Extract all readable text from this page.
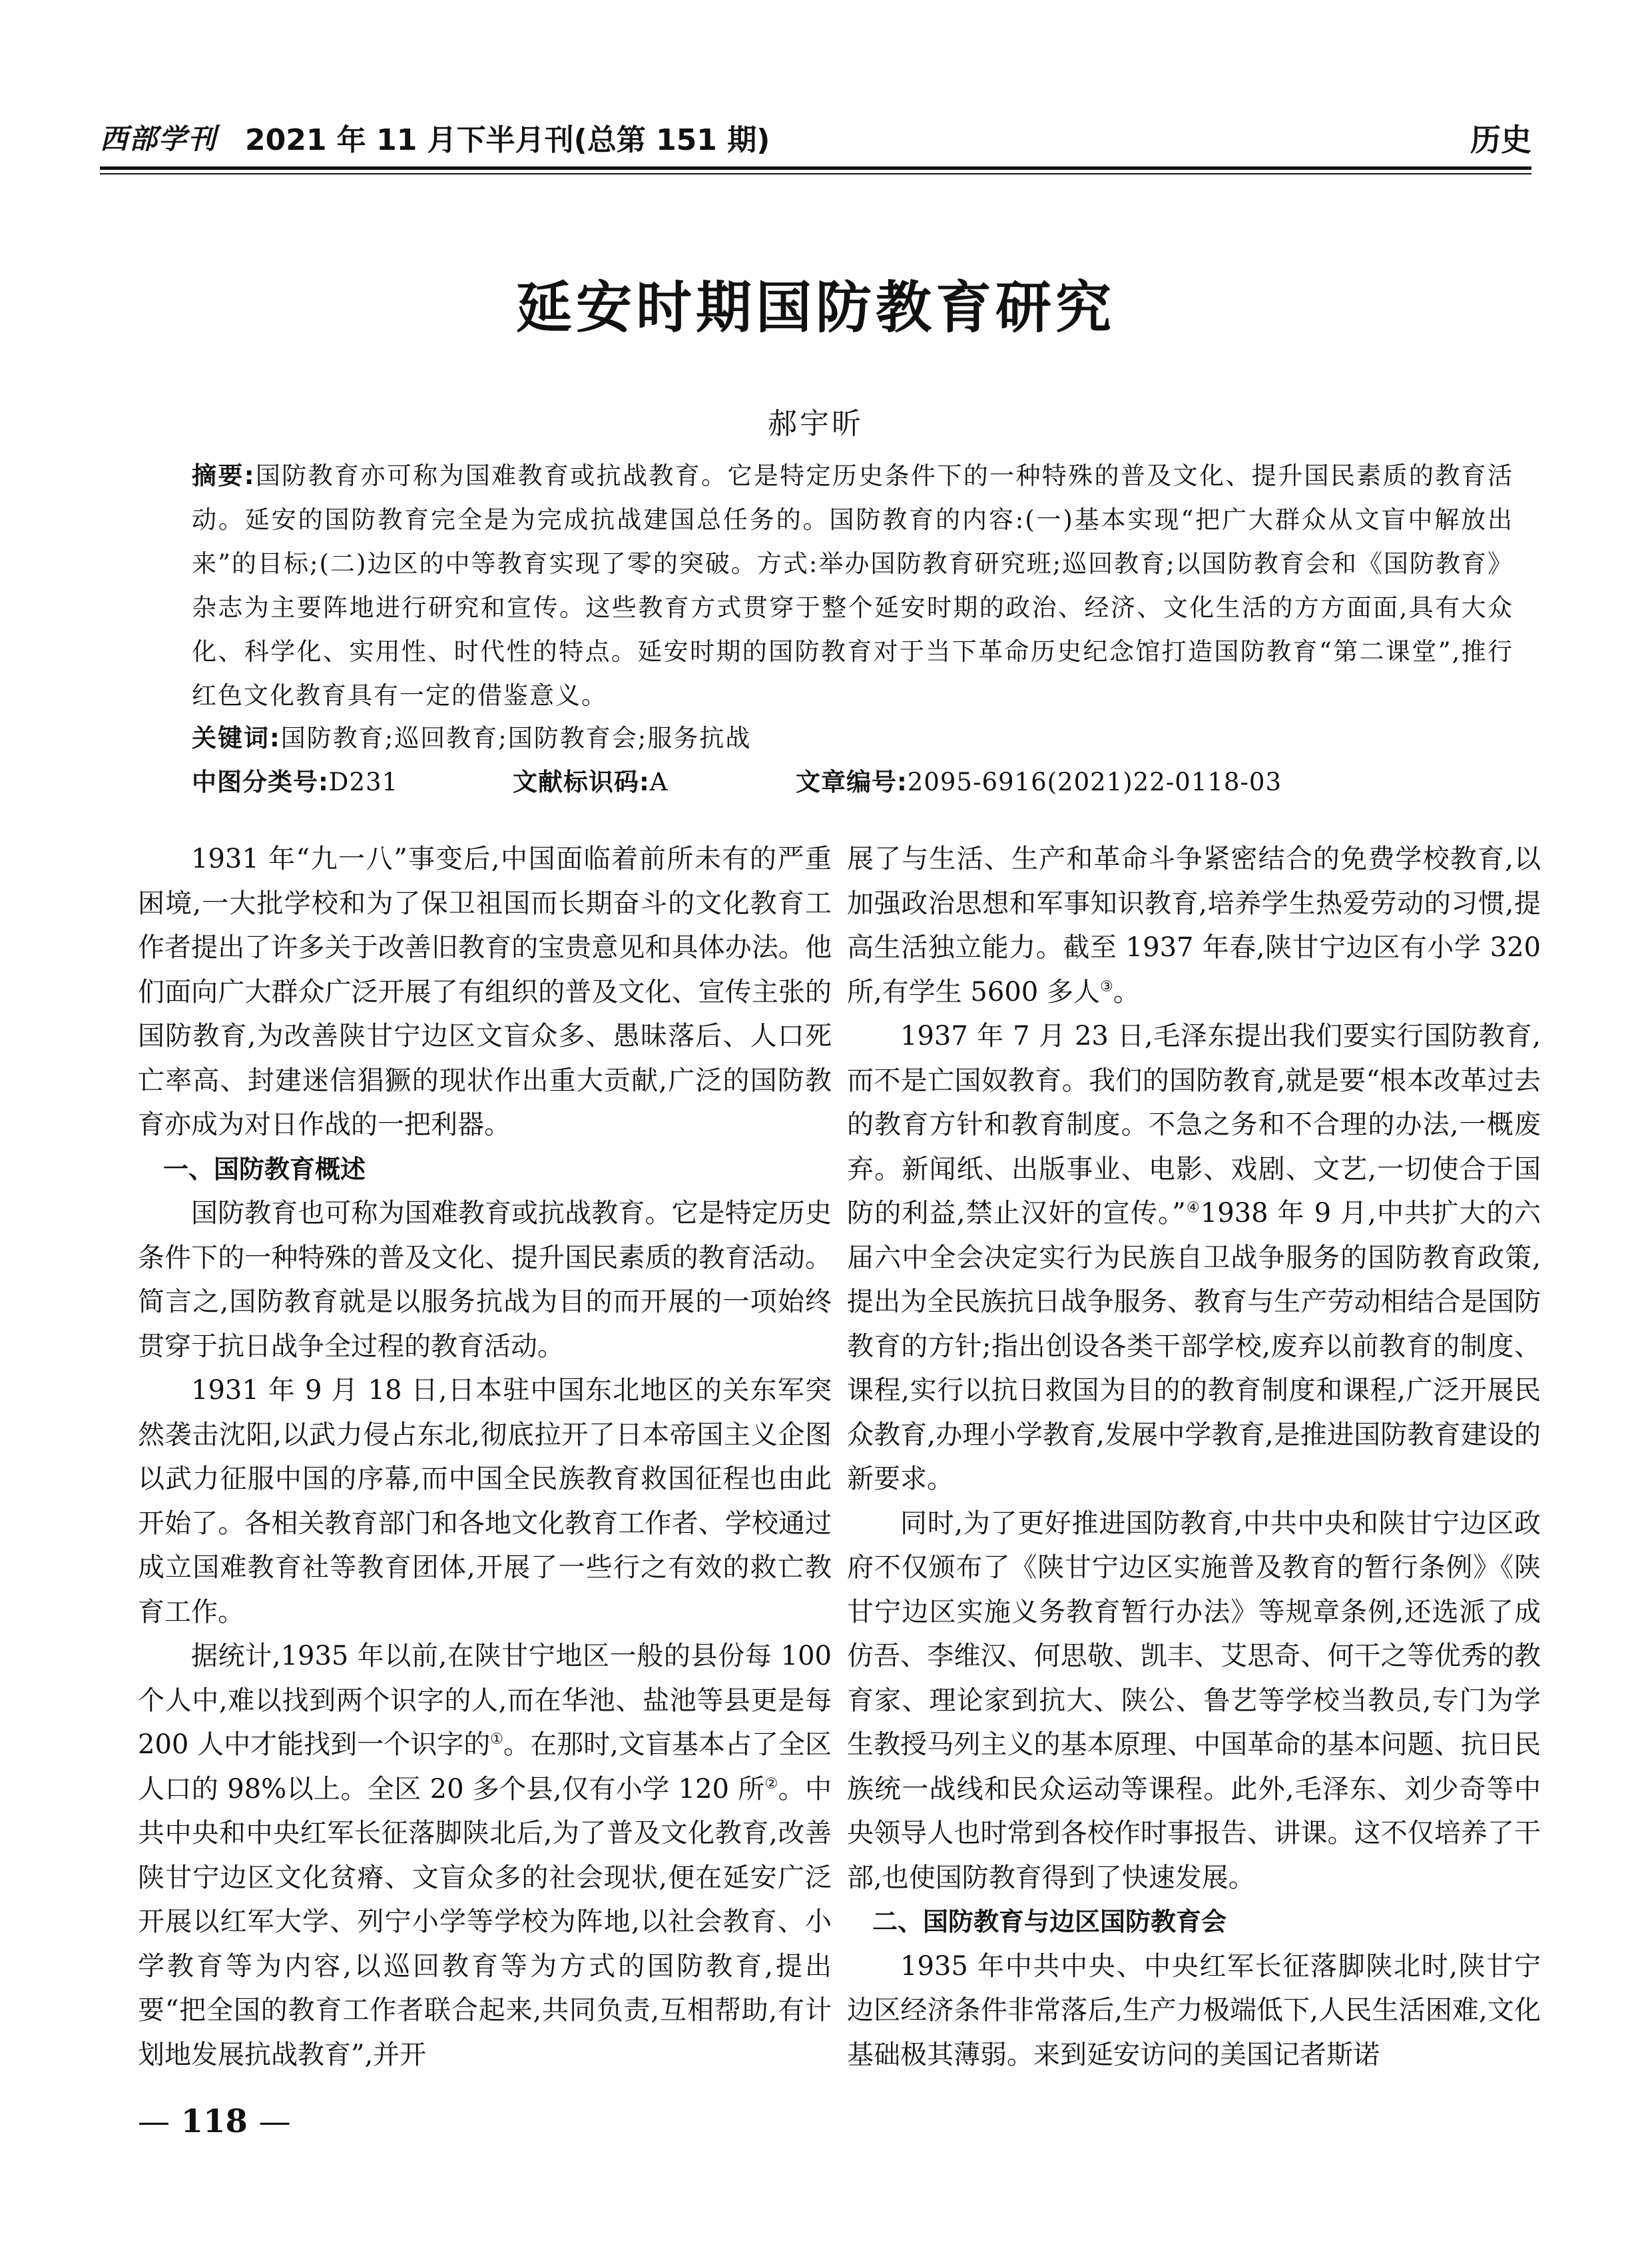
西部学刊 2021 年 11 月下半月刊(总第 151 期)	历史
延安时期国防教育研究
郝宇昕
摘要:国防教育亦可称为国难教育或抗战教育。它是特定历史条件下的一种特殊的普及文化、提升国民素质的教育活动。延安的国防教育完全是为完成抗战建国总任务的。国防教育的内容:(一)基本实现“把广大群众从文盲中解放出来”的目标;(二)边区的中等教育实现了零的突破。方式:举办国防教育研究班;巡回教育;以国防教育会和《国防教育》杂志为主要阵地进行研究和宣传。这些教育方式贯穿于整个延安时期的政治、经济、文化生活的方方面面,具有大众化、科学化、实用性、时代性的特点。延安时期的国防教育对于当下革命历史纪念馆打造国防教育“第二课堂”,推行红色文化教育具有一定的借鉴意义。
关键词:国防教育;巡回教育;国防教育会;服务抗战
中图分类号:D231	文献标识码:A	文章编号:2095-6916(2021)22-0118-03

1931 年“九一八”事变后,中国面临着前所未有的严重困境,一大批学校和为了保卫祖国而长期奋斗的文化教育工作者提出了许多关于改善旧教育的宝贵意见和具体办法。他们面向广大群众广泛开展了有组织的普及文化、宣传主张的国防教育,为改善陕甘宁边区文盲众多、愚昧落后、人口死亡率高、封建迷信猖獗的现状作出重大贡献,广泛的国防教育亦成为对日作战的一把利器。

一、国防教育概述

国防教育也可称为国难教育或抗战教育。它是特定历史条件下的一种特殊的普及文化、提升国民素质的教育活动。简言之,国防教育就是以服务抗战为目的而开展的一项始终贯穿于抗日战争全过程的教育活动。

1931 年 9 月 18 日,日本驻中国东北地区的关东军突然袭击沈阳,以武力侵占东北,彻底拉开了日本帝国主义企图以武力征服中国的序幕,而中国全民族教育救国征程也由此开始了。各相关教育部门和各地文化教育工作者、学校通过成立国难教育社等教育团体,开展了一些行之有效的救亡教育工作。

据统计,1935 年以前,在陕甘宁地区一般的县份每 100 个人中,难以找到两个识字的人,而在华池、盐池等县更是每 200 人中才能找到一个识字的①。在那时,文盲基本占了全区人口的 98%以上。全区 20 多个县,仅有小学 120 所②。中共中央和中央红军长征落脚陕北后,为了普及文化教育,改善陕甘宁边区文化贫瘠、文盲众多的社会现状,便在延安广泛开展以红军大学、列宁小学等学校为阵地,以社会教育、小学教育等为内容,以巡回教育等为方式的国防教育,提出要“把全国的教育工作者联合起来,共同负责,互相帮助,有计划地发展抗战教育”,并开

展了与生活、生产和革命斗争紧密结合的免费学校教育,以加强政治思想和军事知识教育,培养学生热爱劳动的习惯,提高生活独立能力。截至 1937 年春,陕甘宁边区有小学 320 所,有学生 5600 多人③。

1937 年 7 月 23 日,毛泽东提出我们要实行国防教育,而不是亡国奴教育。我们的国防教育,就是要“根本改革过去的教育方针和教育制度。不急之务和不合理的办法,一概废弃。新闻纸、出版事业、电影、戏剧、文艺,一切使合于国防的利益,禁止汉奸的宣传。”④1938 年 9 月,中共扩大的六届六中全会决定实行为民族自卫战争服务的国防教育政策,提出为全民族抗日战争服务、教育与生产劳动相结合是国防教育的方针;指出创设各类干部学校,废弃以前教育的制度、课程,实行以抗日救国为目的的教育制度和课程,广泛开展民众教育,办理小学教育,发展中学教育,是推进国防教育建设的新要求。

同时,为了更好推进国防教育,中共中央和陕甘宁边区政府不仅颁布了《陕甘宁边区实施普及教育的暂行条例》《陕甘宁边区实施义务教育暂行办法》等规章条例,还选派了成仿吾、李维汉、何思敬、凯丰、艾思奇、何干之等优秀的教育家、理论家到抗大、陕公、鲁艺等学校当教员,专门为学生教授马列主义的基本原理、中国革命的基本问题、抗日民族统一战线和民众运动等课程。此外,毛泽东、刘少奇等中央领导人也时常到各校作时事报告、讲课。这不仅培养了干部,也使国防教育得到了快速发展。

二、国防教育与边区国防教育会

1935 年中共中央、中央红军长征落脚陕北时,陕甘宁边区经济条件非常落后,生产力极端低下,人民生活困难,文化基础极其薄弱。来到延安访问的美国记者斯诺

— 118 —
